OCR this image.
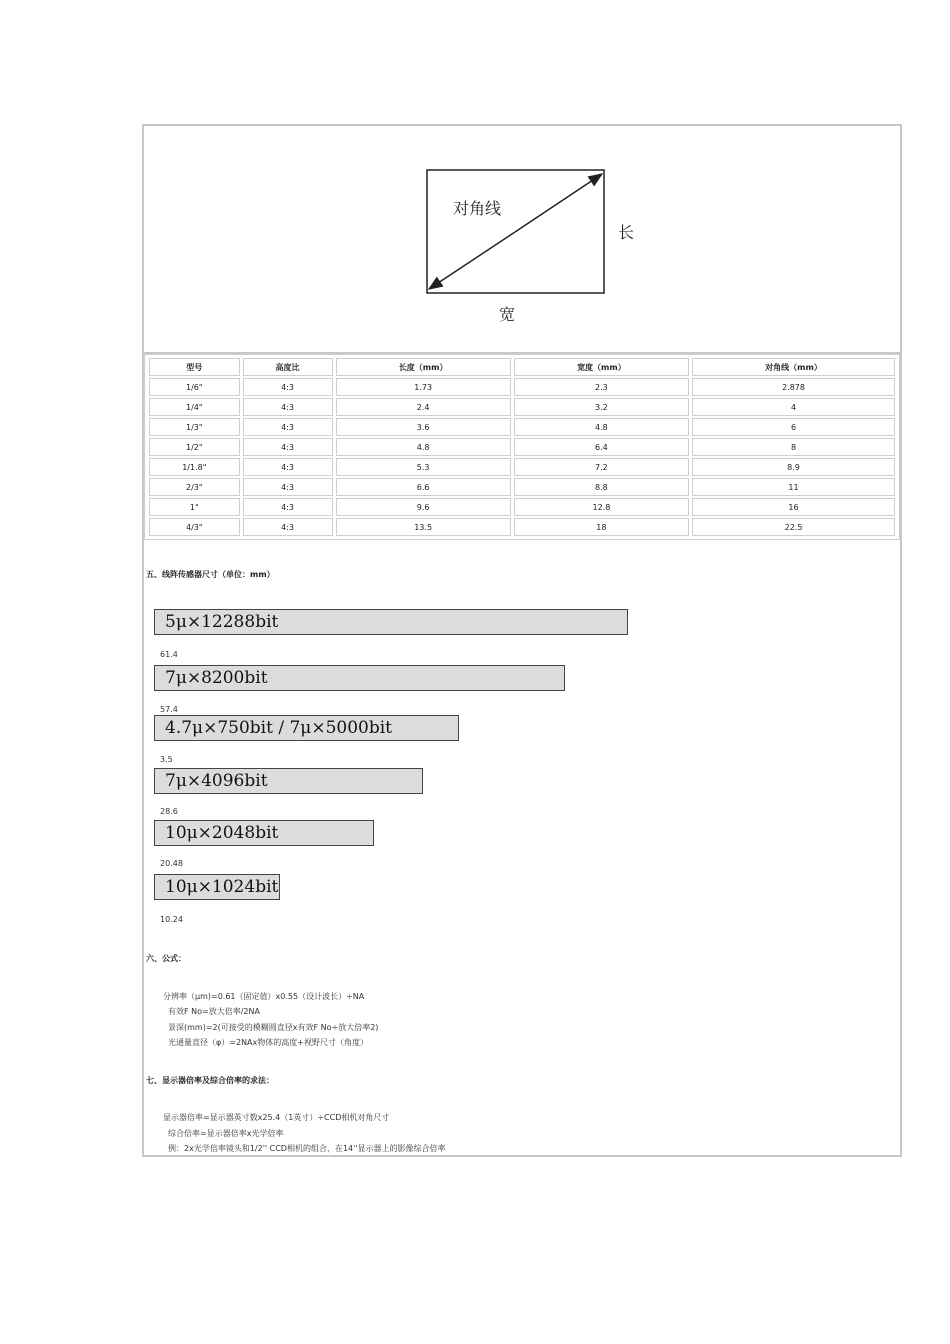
对角线
长
宽
型号	高度比	长度（mm）	宽度（mm）	对角线（mm）
1/6"	4:3	1.73	2.3	2.878
1/4"	4:3	2.4	3.2	4
1/3"	4:3	3.6	4.8	6
1/2"	4:3	4.8	6.4	8
1/1.8"	4:3	5.3	7.2	8.9
2/3"	4:3	6.6	8.8	11
1"	4:3	9.6	12.8	16
4/3"	4:3	13.5	18	22.5
五、线阵传感器尺寸（单位：mm）
5μ×12288bit
61.4
7μ×8200bit
57.4
4.7μ×750bit / 7μ×5000bit
3.5
7μ×4096bit
28.6
10μ×2048bit
20.48
10μ×1024bit
10.24
六、公式：
分辨率（μm)=0.61（固定值）x0.55（设计波长）÷NA
有效F No=放大倍率/2NA
景深(mm)=2(可接受的模糊圆直径x有效F No÷放大倍率2)
光通量直径（φ）=2NAx物体的高度+视野尺寸（角度）
七、显示器倍率及综合倍率的求法：
显示器倍率=显示器英寸数x25.4（1英寸）÷CCD相机对角尺寸
综合倍率=显示器倍率x光学倍率
例：2x光学倍率镜头和1/2'' CCD相机的组合，在14''显示器上的影像综合倍率
